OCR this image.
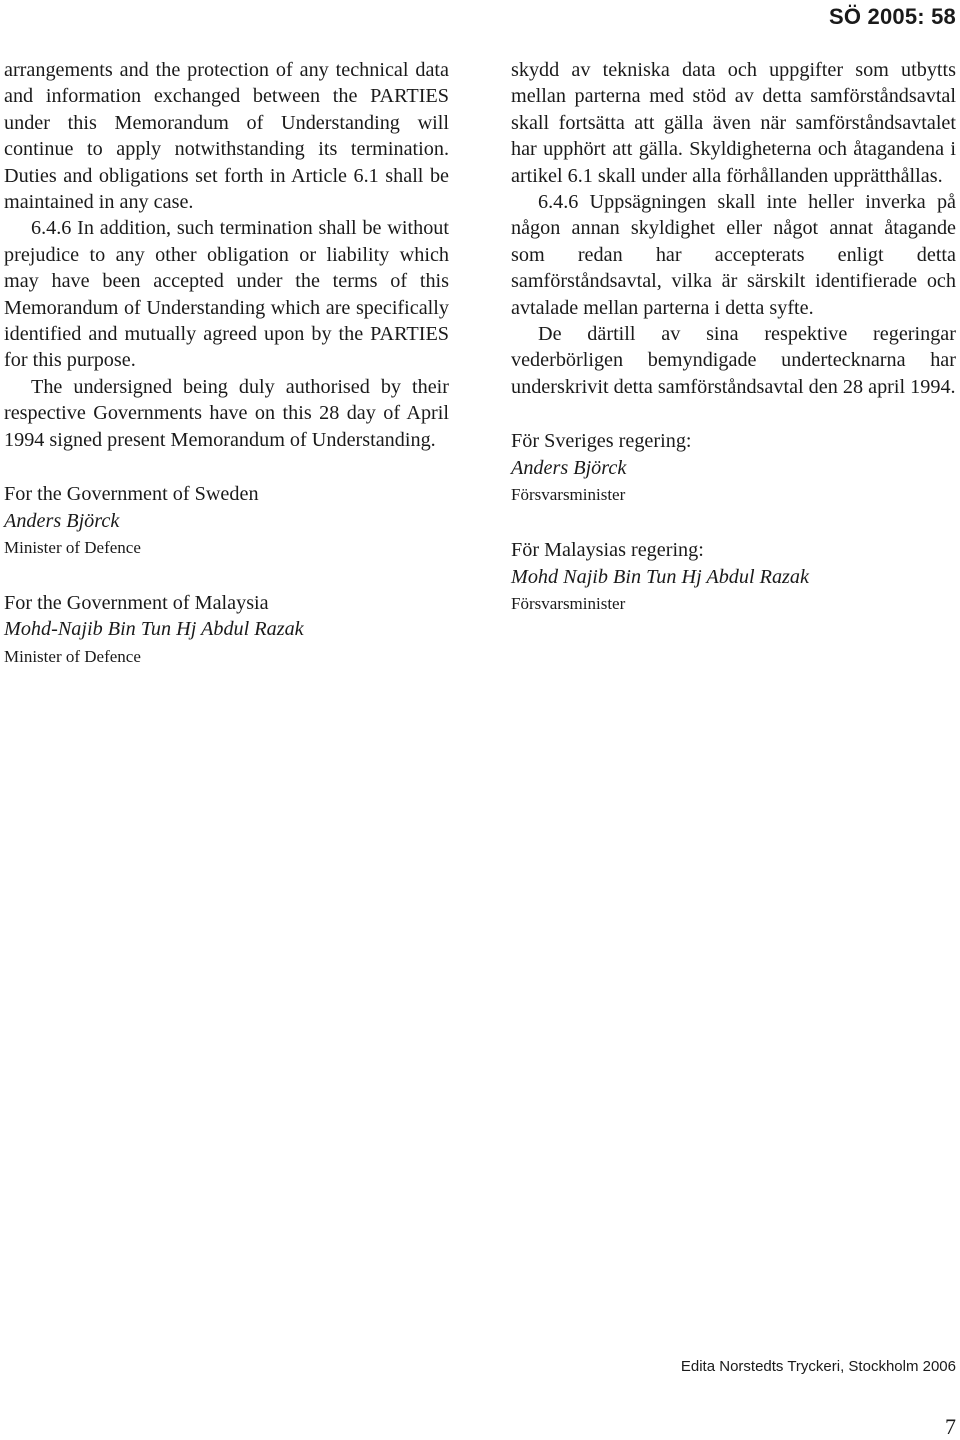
SÖ 2005: 58

arrangements and the protection of any technical data and information exchanged between the PARTIES under this Memorandum of Understanding will continue to apply notwithstanding its termination. Duties and obligations set forth in Article 6.1 shall be maintained in any case.

6.4.6 In addition, such termination shall be without prejudice to any other obligation or liability which may have been accepted under the terms of this Memorandum of Understanding which are specifically identified and mutually agreed upon by the PARTIES for this purpose.

The undersigned being duly authorised by their respective Governments have on this 28 day of April 1994 signed present Memorandum of Understanding.

For the Government of Sweden

Anders Björck

Minister of Defence

For the Government of Malaysia

Mohd-Najib Bin Tun Hj Abdul Razak

Minister of Defence

skydd av tekniska data och uppgifter som utbytts mellan parterna med stöd av detta samförståndsavtal skall fortsätta att gälla även när samförståndsavtalet har upphört att gälla. Skyldigheterna och åtagandena i artikel 6.1 skall under alla förhållanden upprätthållas.

6.4.6 Uppsägningen skall inte heller inverka på någon annan skyldighet eller något annat åtagande som redan har accepterats enligt detta samförståndsavtal, vilka är särskilt identifierade och avtalade mellan parterna i detta syfte.

De därtill av sina respektive regeringar vederbörligen bemyndigade undertecknarna har underskrivit detta samförståndsavtal den 28 april 1994.

För Sveriges regering:

Anders Björck

Försvarsminister

För Malaysias regering:

Mohd Najib Bin Tun Hj Abdul Razak

Försvarsminister

Edita Norstedts Tryckeri, Stockholm 2006
7
